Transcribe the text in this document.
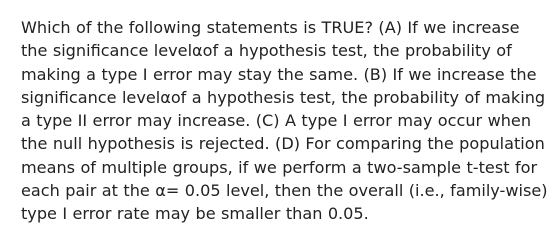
Which of the following statements is TRUE? (A) If we increase the significance levelαof a hypothesis test, the probability of making a type I error may stay the same. (B) If we increase the significance levelαof a hypothesis test, the probability of making a type II error may increase. (C) A type I error may occur when the null hypothesis is rejected. (D) For comparing the population means of multiple groups, if we perform a two-sample t-test for each pair at the α= 0.05 level, then the overall (i.e., family-wise) type I error rate may be smaller than 0.05.
